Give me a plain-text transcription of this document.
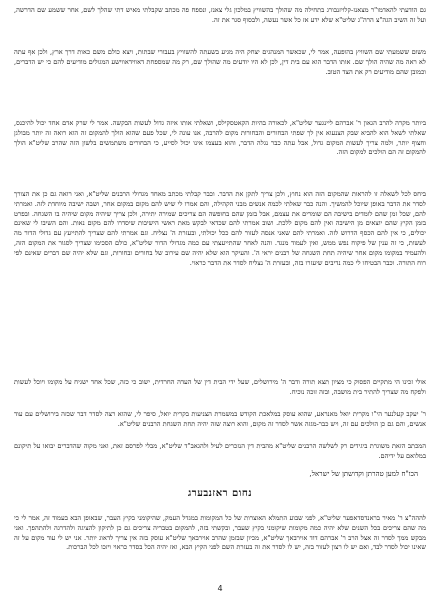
גם הודעתי להאדמו"ר מצאנז-קלויזנבורג בתחילה מה שהולך בהשוויץ במלכון גלי צאנז, ונספח פה מכתב שקבלתי מאיש דתי שהלך לשם, אחר ששמע שם הדרשה, ועל זה השיב הגה"צ הרה"ג שליט"א שלא ידע אז כל אשר נעשה, ולבסוף סגר את זה.

משום ששמעתי שם השוויץ בהופעה, אמר לי, שכאשר המנהגים יצחק היה מגיע בשעתה להשוויץ בעבורי שבתות, ויצא כולם משם כאות דרך ארץ, ולכן אף עתה לא ראה מה שהיה הולך שם. אותו הדבר הוא עם בית דין, לכן לא היו יודעים מה שהולך שם, רק מה שמספחת דאווידאווישע המגולים מודיעים להם כי יש הדברים, וכמובן שהם מודיעים רק את הצד הטוב.

ביותר מקרה להרב הגאון ר' אברהם ליינגער שליט"א, לכאורה בהיות הקאטסקילס, ושאלתי אותו איזה גדול לעשות הבקשה. אמר לי שרק אדם אחד יכול להיכנס, שאלתי לשאל הוא להביא שבק הצנעוא אין לך שפתי הבחורים והבחורות מקום להרבה, אנו עונה לי, שכל פעם שהוא הולך להמקום זה הוא רואה זה יותר מבולגן וחצוף יותר, ולמה צריך לעשות המקום גדול, אבל עתה כבר נגלה הדבר, והוא בעצמו אינו יכול לסייע, כי הבחורים משתמשים בלשון הזה שהרב שליט"א הולך להמקום זה הם הולכים למקום הזה.

ביחס לכל לשאלה זו להראות שהמקום הזה הוא נחוץ, ולכן צריך לתקן את הדבר. וכבר קבלתי מכתב מאחד מגדולי הרבנים שליט"א, ואני רואה גם כן את הצורך לסדר את הדבר באופן שיוכל להמשיך. והנה כבר שאלתי לכמה אנשים מבני הקהילה, והם אמרו לי שיש להם מקום במקום אחר, ושבה ישיבה מיוחדת לזה. ואמרתי להם, שכל זמן שהם לומדים בישיבה הם שומרים את עצמם, אבל בזמן שהם בחופשה הם צריכים שמירה יתירה, ולכן צריך שיהיה מקום שיהיה בו השגחה. ובפרט בזמן הקיץ שהם יוצאים מן הישיבה ואין להם מקום ללכת. ושוב אמרתי להם שכדאי לבקש מאת ראשי הישיבות שיסדרו להם מקום נאות. והם השיבו לי שאינם יכולים, כי אין להם הכסף הדרוש לזה. ואמרתי להם שאני אנסה לעזור להם ככל יכולתי, ובעזרת ה' נצליח. וגם אמרתי להם שצריך להתייעץ עם גדולי הדור מה לעשות, כי זה ענין של פיקוח נפש ממש, ואין לעמוד מנגד. והנה לאחר שהתייעצתי עם כמה מגדולי הדור שליט"א, כולם הסכימו שצריך לסגור את המקום הזה, ולהעמיד במקומו מקום אחר שיהיה תחת השגחה של רבנים יראי ה'. והעיקר הוא שלא יהיה שם עירוב של בחורים ובחורות, וגם שלא יהיה שם דברים שאינם לפי רוח התורה. וכבר הבטיחו לי כמה נדיבים שיעזרו בזה, ובעזרת ה' נצליח לסדר את הדבר כראוי.

אולי זכינו הי מתקיים הפסוק כי מציון תצא תורה ודבר ה' מירושלים, שעל ידי הבית דין של העדה החרדית, ישוב כי כזה, שכל אחד ישגיח על מקומו ויוכל לעשות ולפקח מה שצריך להתיר בית מושבה, ובזה זוכה נוכיח.

ר' יעקב קעלנער הי"ו מקרית יואל מאנראע, שהוא עוסק במלאכת הקודש במשמרת הצניעות בקרית יואל, סיפר לי, שהוא רצה לסדר דבר שכזה בירושלים עם עוד אנשים, והם גם כן הולכים עם זה, ויש כבר-מגזה אשר לסדר זה מקום, והוא רוצה שזה יהיה תחת השגחת הרבנים שליט"א.

המכתב הזאת משוגרת ביגידים רק לשלשה הרבנים שליט"א מהבית דין הנזכרים לעיל ולהגאב"ד שליט"א, מבלי לפרסם זאת, ואני מקוה שהדברים יבואו על תיקונם במלואם על ידיהם.

הכו"ח למען טהרתן וקדושתן של ישראל,

נחום ראזנבערג

לההה"צ ר' מאיר בראנדסדאפער שליט"א, לפני שבוע התמלא האוצרות של כל המקומות במגדל העמק, שהיקומני בקיץ העבר, שבאופן הבא בעמוד זה, אמר לי כי מה שהם צריכים בכל השנים שלא יהיה כמה מקומות שיקומני בקיץ שעבר, ובקשתי בזה, להמקום בטבריה צריכים גם כן לתיקון להציגה ולהדרגה ולהתהפך. ואני מבקש ממך לסדר זה אצל הרב ר' אברהם דוד אוירבאך שליט"א, מכיון שבזמן שהרב אוירבאך שליט"א עוסק בזה אין צריך לדאוג יותר. אני יש לי עוד מקום על זה שאינו יכול לסדר לבד, ואם יש לו רצון לעזור בזה, יש לו לסדר את זה בעזרת השם לפני הקיץ הבא, ואז יהיה הכל בסדר כראוי ויזכו לכל הברכות.

4
